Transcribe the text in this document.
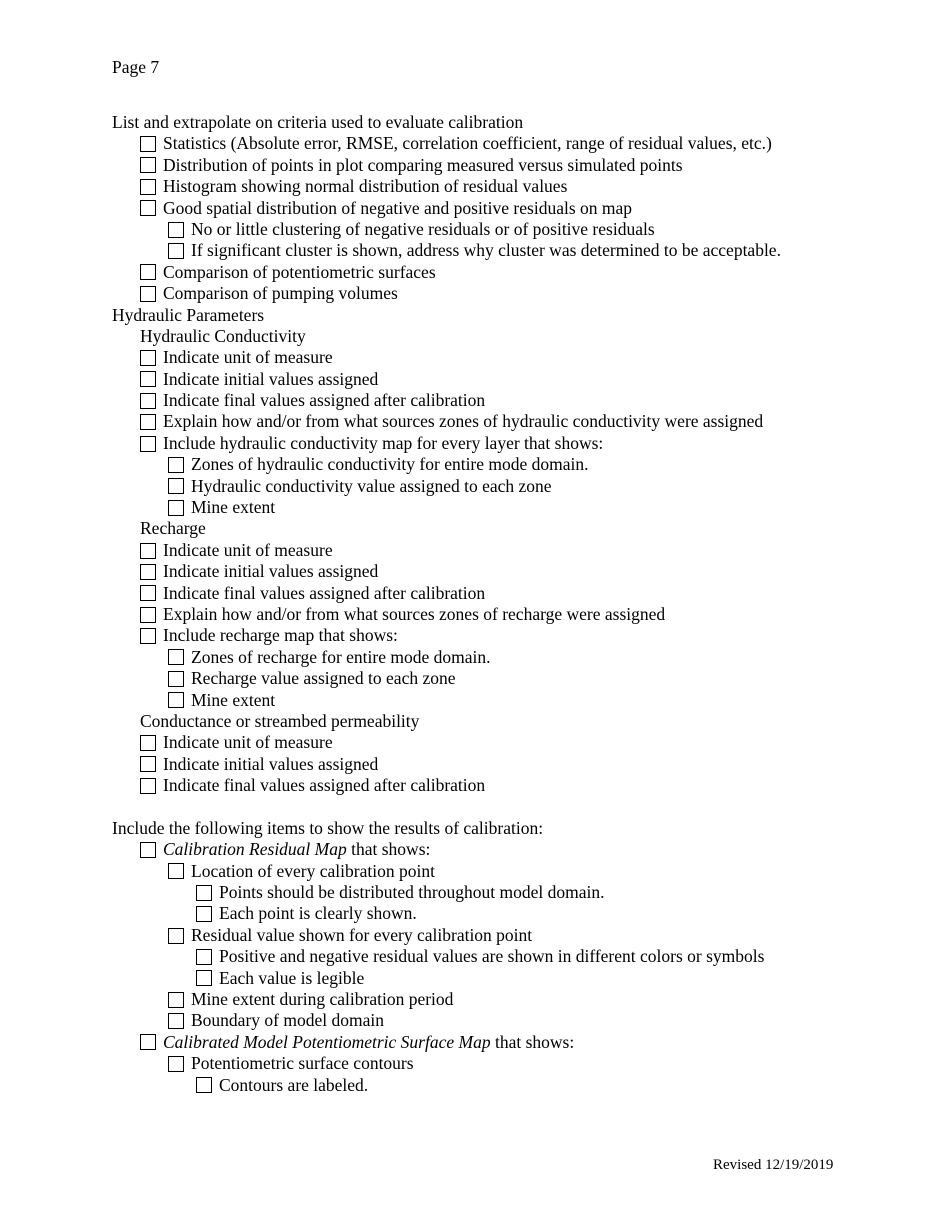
Page 7
List and extrapolate on criteria used to evaluate calibration
Statistics (Absolute error, RMSE, correlation coefficient, range of residual values, etc.)
Distribution of points in plot comparing measured versus simulated points
Histogram showing normal distribution of residual values
Good spatial distribution of negative and positive residuals on map
No or little clustering of negative residuals or of positive residuals
If significant cluster is shown, address why cluster was determined to be acceptable.
Comparison of potentiometric surfaces
Comparison of pumping volumes
Hydraulic Parameters
Hydraulic Conductivity
Indicate unit of measure
Indicate initial values assigned
Indicate final values assigned after calibration
Explain how and/or from what sources zones of hydraulic conductivity were assigned
Include hydraulic conductivity map for every layer that shows:
Zones of hydraulic conductivity for entire mode domain.
Hydraulic conductivity value assigned to each zone
Mine extent
Recharge
Indicate unit of measure
Indicate initial values assigned
Indicate final values assigned after calibration
Explain how and/or from what sources zones of recharge were assigned
Include recharge map that shows:
Zones of recharge for entire mode domain.
Recharge value assigned to each zone
Mine extent
Conductance or streambed permeability
Indicate unit of measure
Indicate initial values assigned
Indicate final values assigned after calibration
Include the following items to show the results of calibration:
Calibration Residual Map that shows:
Location of every calibration point
Points should be distributed throughout model domain.
Each point is clearly shown.
Residual value shown for every calibration point
Positive and negative residual values are shown in different colors or symbols
Each value is legible
Mine extent during calibration period
Boundary of model domain
Calibrated Model Potentiometric Surface Map that shows:
Potentiometric surface contours
Contours are labeled.
Revised 12/19/2019
